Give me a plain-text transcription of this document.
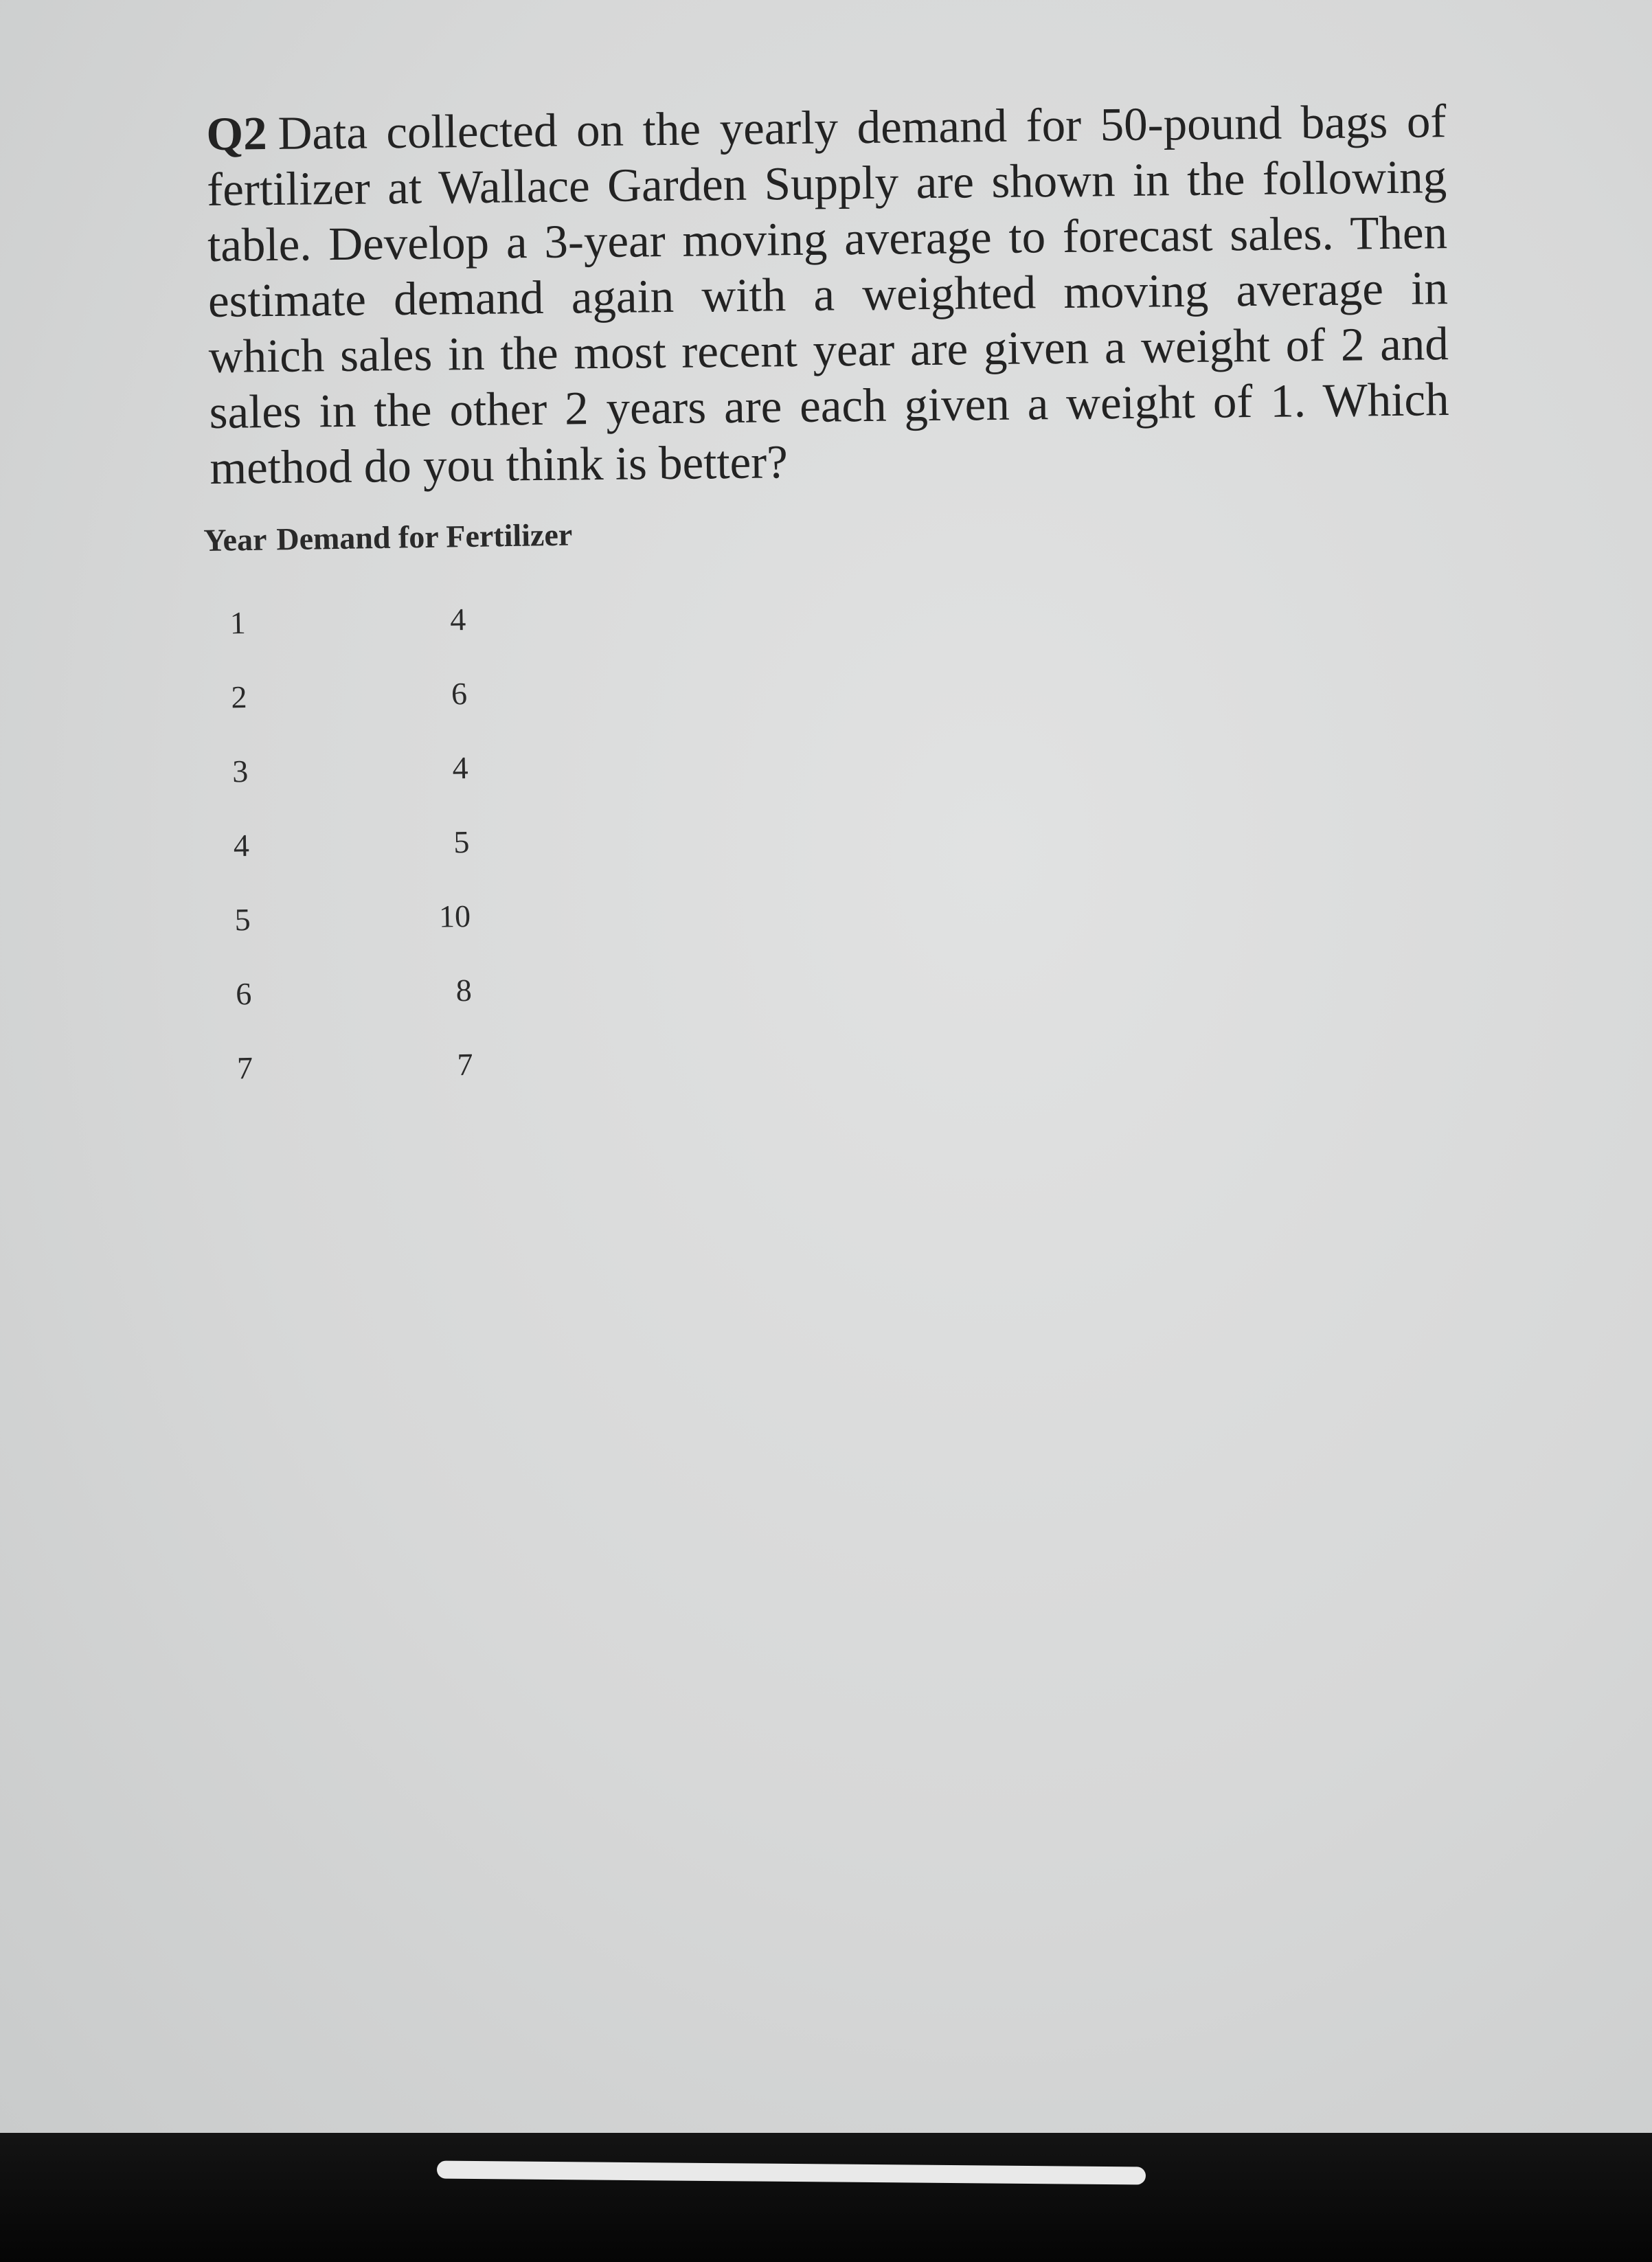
Q2 Data collected on the yearly demand for 50-pound bags of fertilizer at Wallace Garden Supply are shown in the following table. Develop a 3-year moving average to forecast sales. Then estimate demand again with a weighted moving average in which sales in the most recent year are given a weight of 2 and sales in the other 2 years are each given a weight of 1. Which method do you think is better?
Year Demand for Fertilizer
1	4
2	6
3	4
4	5
5	10
6	8
7	7
